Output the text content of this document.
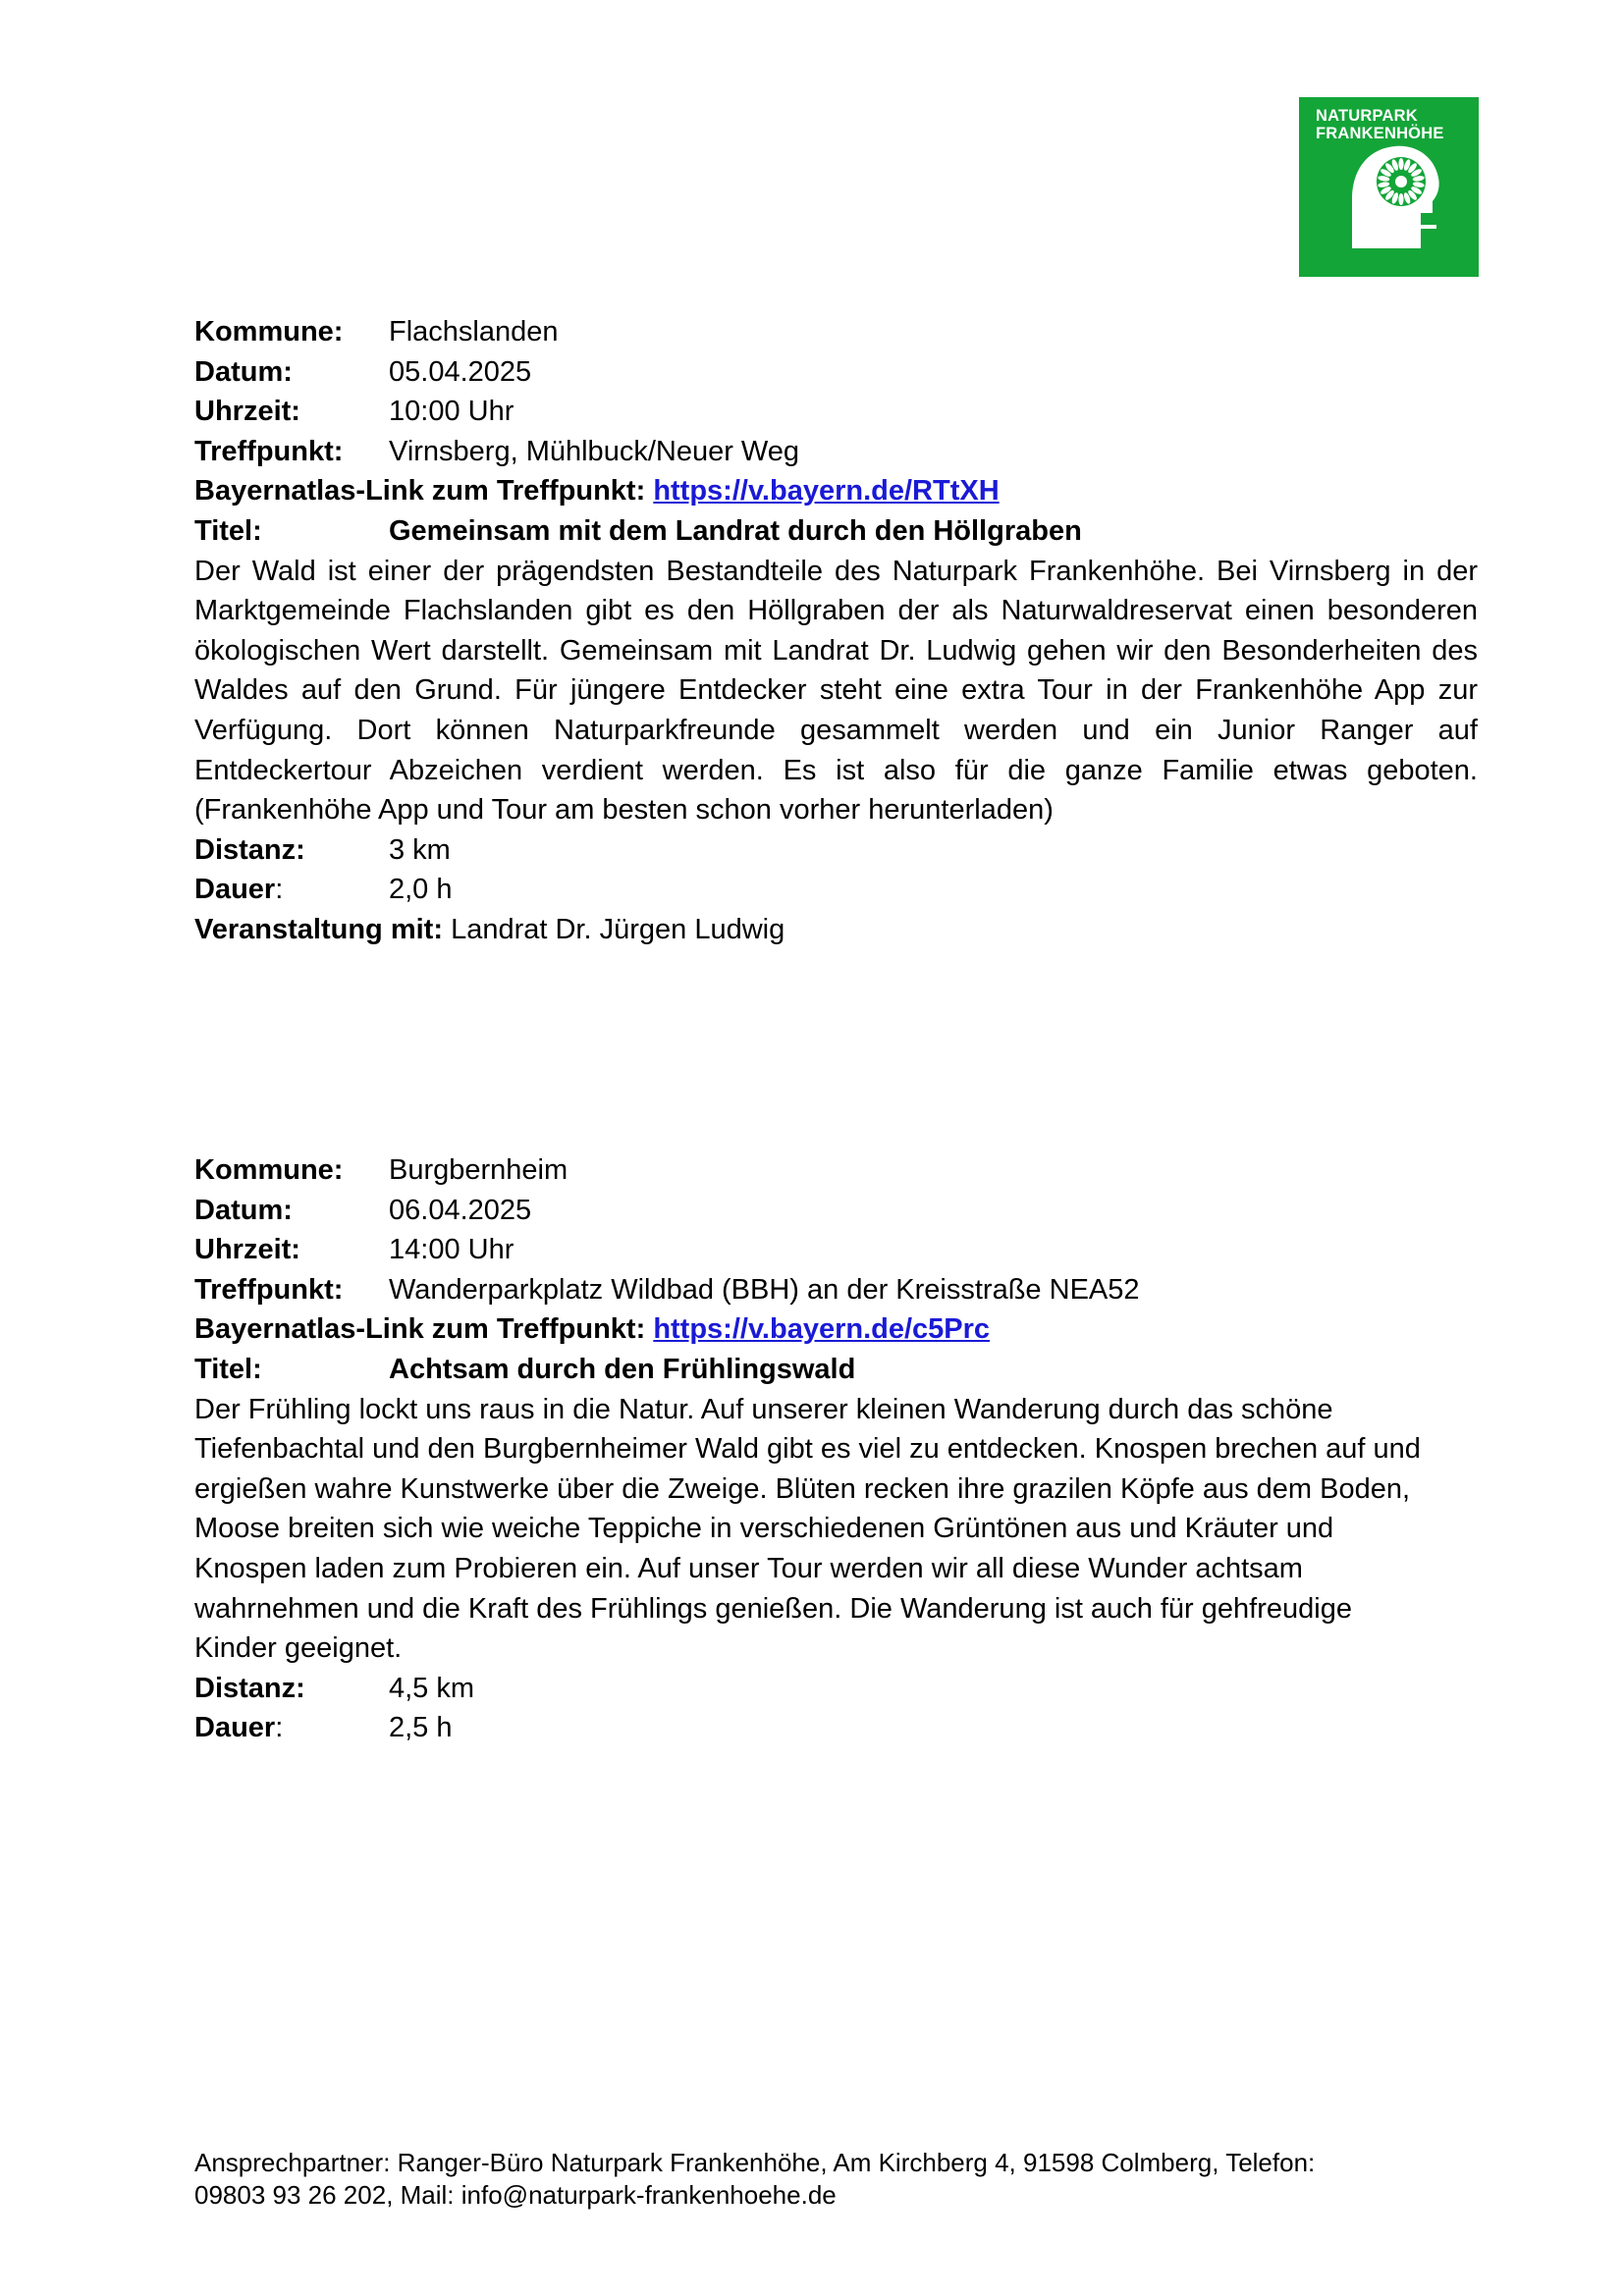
NATURPARK
FRANKENHÖHE
Kommune: Flachslanden
Datum:	05.04.2025
Uhrzeit:	10:00 Uhr
Treffpunkt: Virnsberg, Mühlbuck/Neuer Weg
Bayernatlas-Link zum Treffpunkt: https://v.bayern.de/RTtXH
Titel:	Gemeinsam mit dem Landrat durch den Höllgraben

Der Wald ist einer der prägendsten Bestandteile des Naturpark Frankenhöhe. Bei Virnsberg in der Marktgemeinde Flachslanden gibt es den Höllgraben der als Naturwaldreservat einen besonderen ökologischen Wert darstellt. Gemeinsam mit Landrat Dr. Ludwig gehen wir den Besonderheiten des Waldes auf den Grund. Für jüngere Entdecker steht eine extra Tour in der Frankenhöhe App zur Verfügung. Dort können Naturparkfreunde gesammelt werden und ein Junior Ranger auf Entdeckertour Abzeichen verdient werden. Es ist also für die ganze Familie etwas geboten. (Frankenhöhe App und Tour am besten schon vorher herunterladen)

Distanz:	3 km
Dauer:	2,0 h
Veranstaltung mit: Landrat Dr. Jürgen Ludwig
Kommune: Burgbernheim
Datum:	06.04.2025
Uhrzeit:	14:00 Uhr
Treffpunkt: Wanderparkplatz Wildbad (BBH) an der Kreisstraße NEA52
Bayernatlas-Link zum Treffpunkt: https://v.bayern.de/c5Prc
Titel:	Achtsam durch den Frühlingswald

Der Frühling lockt uns raus in die Natur. Auf unserer kleinen Wanderung durch das schöne Tiefenbachtal und den Burgbernheimer Wald gibt es viel zu entdecken. Knospen brechen auf und ergießen wahre Kunstwerke über die Zweige. Blüten recken ihre grazilen Köpfe aus dem Boden, Moose breiten sich wie weiche Teppiche in verschiedenen Grüntönen aus und Kräuter und Knospen laden zum Probieren ein. Auf unser Tour werden wir all diese Wunder achtsam wahrnehmen und die Kraft des Frühlings genießen. Die Wanderung ist auch für gehfreudige Kinder geeignet.

Distanz:	4,5 km
Dauer:	2,5 h
Ansprechpartner: Ranger-Büro Naturpark Frankenhöhe, Am Kirchberg 4, 91598 Colmberg, Telefon:
09803 93 26 202, Mail: info@naturpark-frankenhoehe.de
